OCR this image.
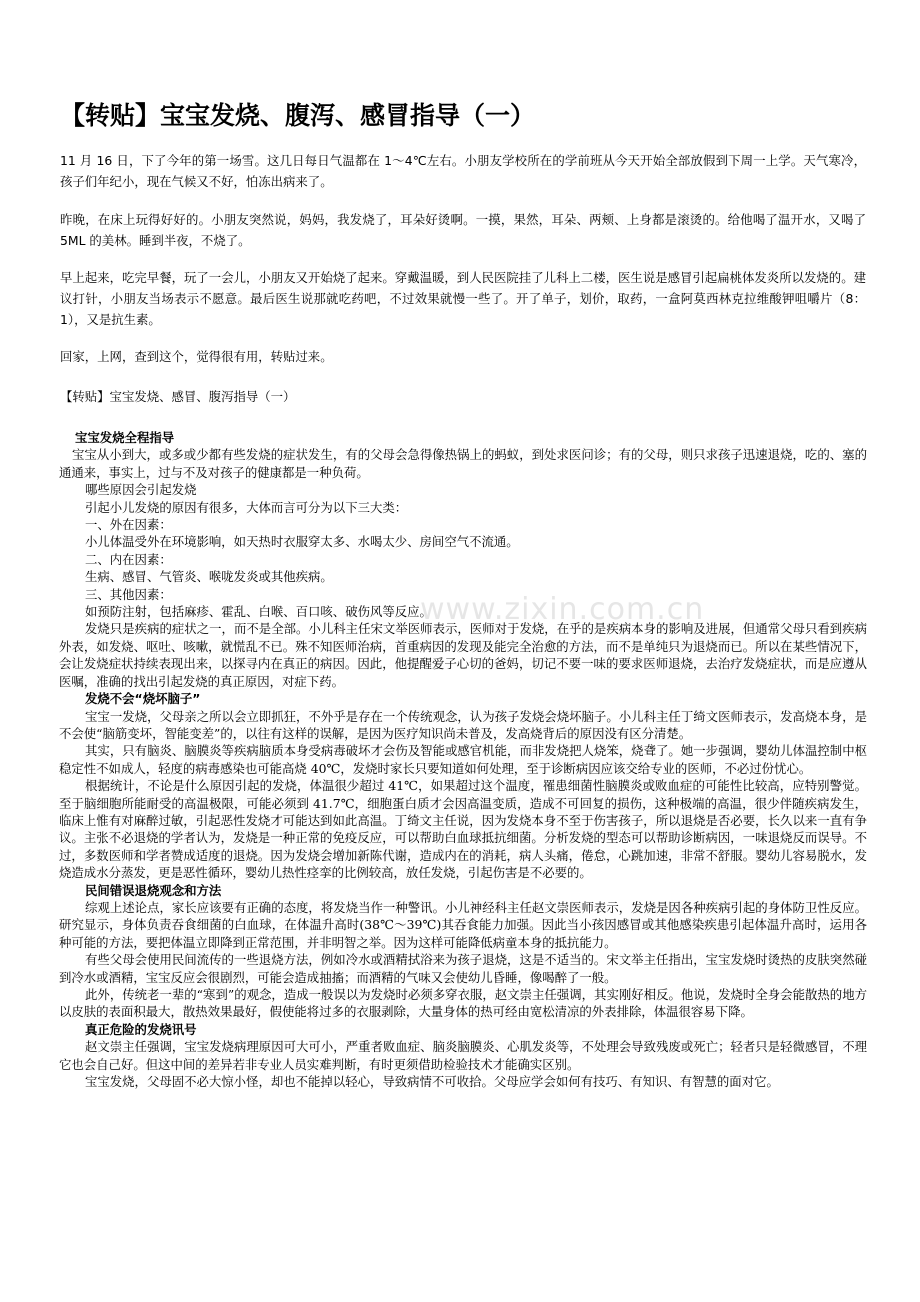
www.zixin.com.cn
【转贴】宝宝发烧、腹泻、感冒指导（一）
11 月 16 日，下了今年的第一场雪。这几日每日气温都在 1～4℃左右。小朋友学校所在的学前班从今天开始全部放假到下周一上学。天气寒冷，孩子们年纪小，现在气候又不好，怕冻出病来了。
昨晚，在床上玩得好好的。小朋友突然说，妈妈，我发烧了，耳朵好烫啊。一摸，果然，耳朵、两颊、上身都是滚烫的。给他喝了温开水，又喝了 5ML 的美林。睡到半夜，不烧了。
早上起来，吃完早餐，玩了一会儿，小朋友又开始烧了起来。穿戴温暖，到人民医院挂了儿科上二楼，医生说是感冒引起扁桃体发炎所以发烧的。建议打针，小朋友当场表示不愿意。最后医生说那就吃药吧，不过效果就慢一些了。开了单子，划价，取药，一盒阿莫西林克拉维酸钾咀嚼片（8：1），又是抗生素。
回家，上网，查到这个，觉得很有用，转贴过来。
【转贴】宝宝发烧、感冒、腹泻指导（一）

宝宝发烧全程指导

宝宝从小到大，或多或少都有些发烧的症状发生，有的父母会急得像热锅上的蚂蚁，到处求医问诊；有的父母，则只求孩子迅速退烧，吃的、塞的通通来，事实上，过与不及对孩子的健康都是一种负荷。

哪些原因会引起发烧

引起小儿发烧的原因有很多，大体而言可分为以下三大类：

一、外在因素：

小儿体温受外在环境影响，如天热时衣服穿太多、水喝太少、房间空气不流通。

二、内在因素：

生病、感冒、气管炎、喉咙发炎或其他疾病。

三、其他因素：

如预防注射，包括麻疹、霍乱、白喉、百口咳、破伤风等反应。

发烧只是疾病的症状之一，而不是全部。小儿科主任宋文举医师表示，医师对于发烧，在乎的是疾病本身的影响及进展，但通常父母只看到疾病外表，如发烧、呕吐、咳嗽，就慌乱不已。殊不知医师治病，首重病因的发现及能完全治愈的方法，而不是单纯只为退烧而已。所以在某些情况下，会让发烧症状持续表现出来，以探寻内在真正的病因。因此，他提醒爱子心切的爸妈，切记不要一味的要求医师退烧，去治疗发烧症状，而是应遵从医嘱，准确的找出引起发烧的真正原因，对症下药。

发烧不会“烧坏脑子”

宝宝一发烧，父母亲之所以会立即抓狂，不外乎是存在一个传统观念，认为孩子发烧会烧坏脑子。小儿科主任丁绮文医师表示，发高烧本身，是不会使“脑筋变坏，智能变差”的，以往有这样的误解，是因为医疗知识尚未普及，发高烧背后的原因没有区分清楚。

其实，只有脑炎、脑膜炎等疾病脑质本身受病毒破坏才会伤及智能或感官机能，而非发烧把人烧笨，烧聋了。她一步强调，婴幼儿体温控制中枢稳定性不如成人，轻度的病毒感染也可能高烧 40℃，发烧时家长只要知道如何处理，至于诊断病因应该交给专业的医师，不必过份忧心。

根据统计，不论是什么原因引起的发烧，体温很少超过 41℃，如果超过这个温度，罹患细菌性脑膜炎或败血症的可能性比较高，应特别警觉。至于脑细胞所能耐受的高温极限，可能必须到 41.7℃，细胞蛋白质才会因高温变质，造成不可回复的损伤，这种极端的高温，很少伴随疾病发生，临床上惟有对麻醉过敏，引起恶性发烧才可能达到如此高温。丁绮文主任说，因为发烧本身不至于伤害孩子，所以退烧是否必要，长久以来一直有争议。主张不必退烧的学者认为，发烧是一种正常的免疫反应，可以帮助白血球抵抗细菌。分析发烧的型态可以帮助诊断病因，一味退烧反而误导。不过，多数医师和学者赞成适度的退烧。因为发烧会增加新陈代谢，造成内在的消耗，病人头痛，倦怠，心跳加速，非常不舒服。婴幼儿容易脱水，发烧造成水分蒸发，更是恶性循环，婴幼儿热性痉挛的比例较高，放任发烧，引起伤害是不必要的。

民间错误退烧观念和方法

综观上述论点，家长应该要有正确的态度，将发烧当作一种警讯。小儿神经科主任赵文崇医师表示，发烧是因各种疾病引起的身体防卫性反应。研究显示，身体负责吞食细菌的白血球，在体温升高时(38℃～39℃)其吞食能力加强。因此当小孩因感冒或其他感染疾患引起体温升高时，运用各种可能的方法，要把体温立即降到正常范围，并非明智之举。因为这样可能降低病童本身的抵抗能力。

有些父母会使用民间流传的一些退烧方法，例如冷水或酒精拭浴来为孩子退烧，这是不适当的。宋文举主任指出，宝宝发烧时烫热的皮肤突然碰到冷水或酒精，宝宝反应会很剧烈，可能会造成抽搐；而酒精的气味又会使幼儿昏睡，像喝醉了一般。

此外，传统老一辈的“寒到”的观念，造成一般误以为发烧时必须多穿衣服，赵文崇主任强调，其实刚好相反。他说，发烧时全身会能散热的地方以皮肤的表面积最大，散热效果最好，假使能将过多的衣服剥除，大量身体的热可经由宽松清凉的外表排除，体温很容易下降。

真正危险的发烧讯号

赵文崇主任强调，宝宝发烧病理原因可大可小，严重者败血症、脑炎脑膜炎、心肌发炎等，不处理会导致残废或死亡；轻者只是轻微感冒，不理它也会自己好。但这中间的差异若非专业人员实难判断，有时更须借助检验技术才能确实区别。

宝宝发烧，父母固不必大惊小怪，却也不能掉以轻心，导致病情不可收拾。父母应学会如何有技巧、有知识、有智慧的面对它。
